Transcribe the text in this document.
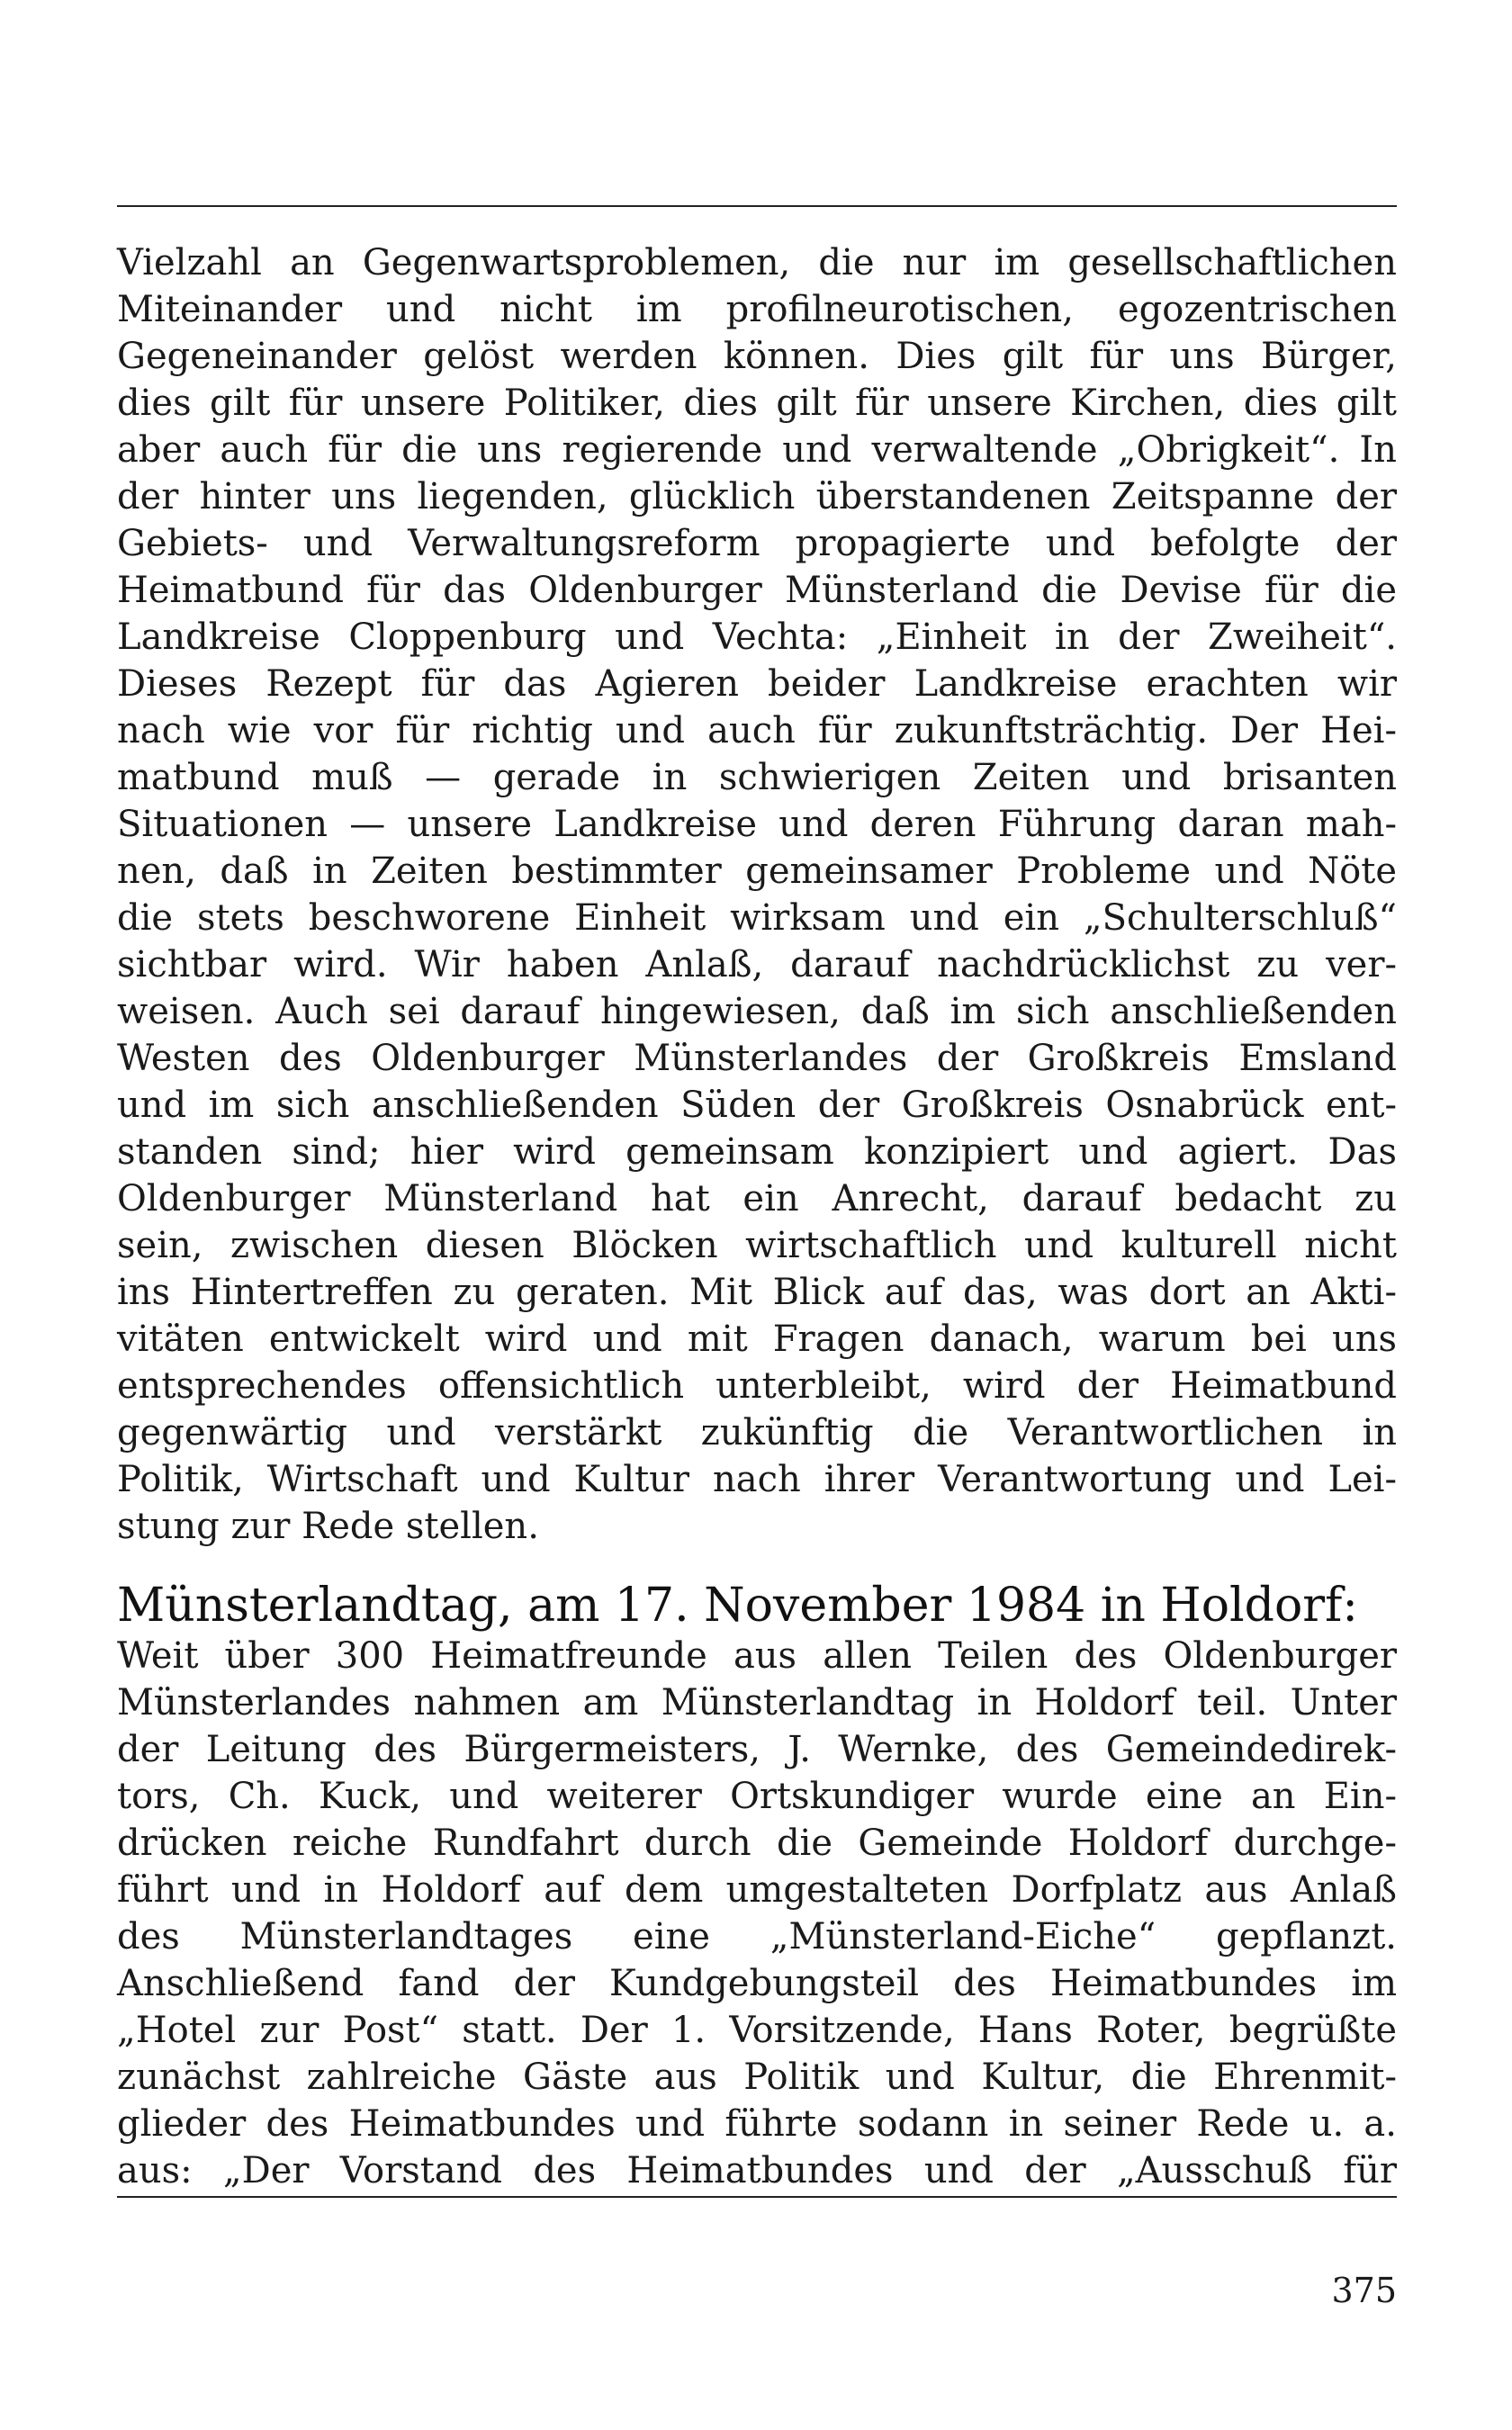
Vielzahl an Gegenwartsproblemen, die nur im gesellschaftlichen
Miteinander und nicht im profilneurotischen, egozentrischen
Gegeneinander gelöst werden können. Dies gilt für uns Bürger,
dies gilt für unsere Politiker, dies gilt für unsere Kirchen, dies gilt
aber auch für die uns regierende und verwaltende „Obrigkeit“. In
der hinter uns liegenden, glücklich überstandenen Zeitspanne der
Gebiets- und Verwaltungsreform propagierte und befolgte der
Heimatbund für das Oldenburger Münsterland die Devise für die
Landkreise Cloppenburg und Vechta: „Einheit in der Zweiheit“.
Dieses Rezept für das Agieren beider Landkreise erachten wir
nach wie vor für richtig und auch für zukunftsträchtig. Der Hei-
matbund muß — gerade in schwierigen Zeiten und brisanten
Situationen — unsere Landkreise und deren Führung daran mah-
nen, daß in Zeiten bestimmter gemeinsamer Probleme und Nöte
die stets beschworene Einheit wirksam und ein „Schulterschluß“
sichtbar wird. Wir haben Anlaß, darauf nachdrücklichst zu ver-
weisen. Auch sei darauf hingewiesen, daß im sich anschließenden
Westen des Oldenburger Münsterlandes der Großkreis Emsland
und im sich anschließenden Süden der Großkreis Osnabrück ent-
standen sind; hier wird gemeinsam konzipiert und agiert. Das
Oldenburger Münsterland hat ein Anrecht, darauf bedacht zu
sein, zwischen diesen Blöcken wirtschaftlich und kulturell nicht
ins Hintertreffen zu geraten. Mit Blick auf das, was dort an Akti-
vitäten entwickelt wird und mit Fragen danach, warum bei uns
entsprechendes offensichtlich unterbleibt, wird der Heimatbund
gegenwärtig und verstärkt zukünftig die Verantwortlichen in
Politik, Wirtschaft und Kultur nach ihrer Verantwortung und Lei-
stung zur Rede stellen.
Münsterlandtag, am 17. November 1984 in Holdorf:
Weit über 300 Heimatfreunde aus allen Teilen des Oldenburger
Münsterlandes nahmen am Münsterlandtag in Holdorf teil. Unter
der Leitung des Bürgermeisters, J. Wernke, des Gemeindedirek-
tors, Ch. Kuck, und weiterer Ortskundiger wurde eine an Ein-
drücken reiche Rundfahrt durch die Gemeinde Holdorf durchge-
führt und in Holdorf auf dem umgestalteten Dorfplatz aus Anlaß
des Münsterlandtages eine „Münsterland-Eiche“ gepflanzt.
Anschließend fand der Kundgebungsteil des Heimatbundes im
„Hotel zur Post“ statt. Der 1. Vorsitzende, Hans Roter, begrüßte
zunächst zahlreiche Gäste aus Politik und Kultur, die Ehrenmit-
glieder des Heimatbundes und führte sodann in seiner Rede u. a.
aus: „Der Vorstand des Heimatbundes und der „Ausschuß für
375
